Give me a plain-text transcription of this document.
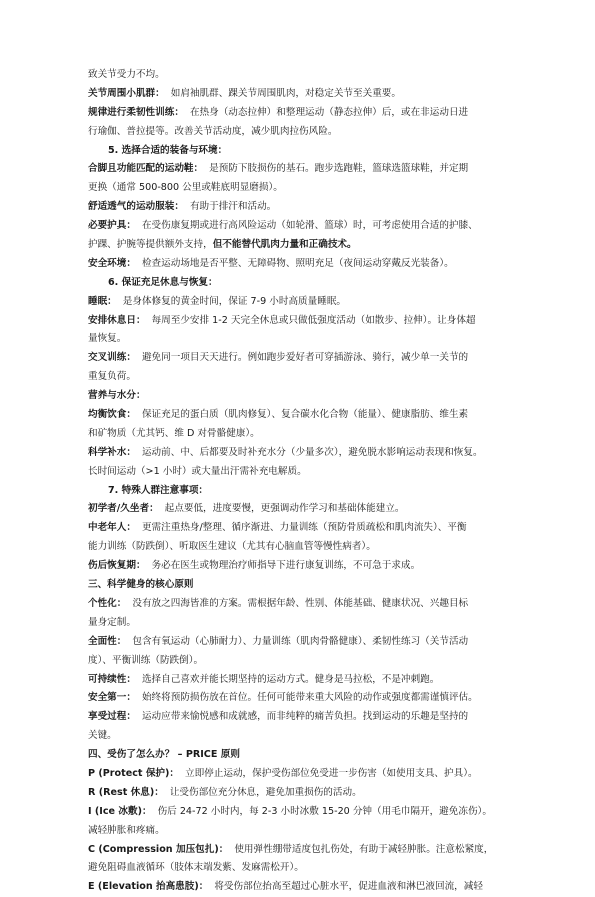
致关节受力不均。
关节周围小肌群： 如肩袖肌群、踝关节周围肌肉，对稳定关节至关重要。
规律进行柔韧性训练： 在热身（动态拉伸）和整理运动（静态拉伸）后，或在非运动日进
行瑜伽、普拉提等。改善关节活动度，减少肌肉拉伤风险。
5. 选择合适的装备与环境：
合脚且功能匹配的运动鞋： 是预防下肢损伤的基石。跑步选跑鞋，篮球选篮球鞋，并定期
更换（通常 500-800 公里或鞋底明显磨损）。
舒适透气的运动服装： 有助于排汗和活动。
必要护具： 在受伤康复期或进行高风险运动（如轮滑、篮球）时，可考虑使用合适的护膝、
护踝、护腕等提供额外支持，但不能替代肌肉力量和正确技术。
安全环境： 检查运动场地是否平整、无障碍物、照明充足（夜间运动穿戴反光装备）。
6. 保证充足休息与恢复：
睡眠： 是身体修复的黄金时间，保证 7-9 小时高质量睡眠。
安排休息日： 每周至少安排 1-2 天完全休息或只做低强度活动（如散步、拉伸）。让身体超
量恢复。
交叉训练： 避免同一项目天天进行。例如跑步爱好者可穿插游泳、骑行，减少单一关节的
重复负荷。
营养与水分：
均衡饮食： 保证充足的蛋白质（肌肉修复）、复合碳水化合物（能量）、健康脂肪、维生素
和矿物质（尤其钙、维 D 对骨骼健康）。
科学补水： 运动前、中、后都要及时补充水分（少量多次），避免脱水影响运动表现和恢复。
长时间运动（>1 小时）或大量出汗需补充电解质。
7. 特殊人群注意事项：
初学者/久坐者： 起点要低，进度要慢，更强调动作学习和基础体能建立。
中老年人： 更需注重热身/整理、循序渐进、力量训练（预防骨质疏松和肌肉流失）、平衡
能力训练（防跌倒）、听取医生建议（尤其有心脑血管等慢性病者）。
伤后恢复期： 务必在医生或物理治疗师指导下进行康复训练，不可急于求成。
三、科学健身的核心原则
个性化： 没有放之四海皆准的方案。需根据年龄、性别、体能基础、健康状况、兴趣目标
量身定制。
全面性： 包含有氧运动（心肺耐力）、力量训练（肌肉骨骼健康）、柔韧性练习（关节活动
度）、平衡训练（防跌倒）。
可持续性： 选择自己喜欢并能长期坚持的运动方式。健身是马拉松，不是冲刺跑。
安全第一： 始终将预防损伤放在首位。任何可能带来重大风险的动作或强度都需谨慎评估。
享受过程： 运动应带来愉悦感和成就感，而非纯粹的痛苦负担。找到运动的乐趣是坚持的
关键。
四、受伤了怎么办？ – PRICE 原则
P (Protect 保护)： 立即停止运动，保护受伤部位免受进一步伤害（如使用支具、护具）。
R (Rest 休息)： 让受伤部位充分休息，避免加重损伤的活动。
I (Ice 冰敷)： 伤后 24-72 小时内，每 2-3 小时冰敷 15-20 分钟（用毛巾隔开，避免冻伤）。
减轻肿胀和疼痛。
C (Compression 加压包扎)： 使用弹性绷带适度包扎伤处，有助于减轻肿胀。注意松紧度，
避免阻碍血液循环（肢体末端发紫、发麻需松开）。
E (Elevation 抬高患肢)： 将受伤部位抬高至超过心脏水平，促进血液和淋巴液回流，减轻
